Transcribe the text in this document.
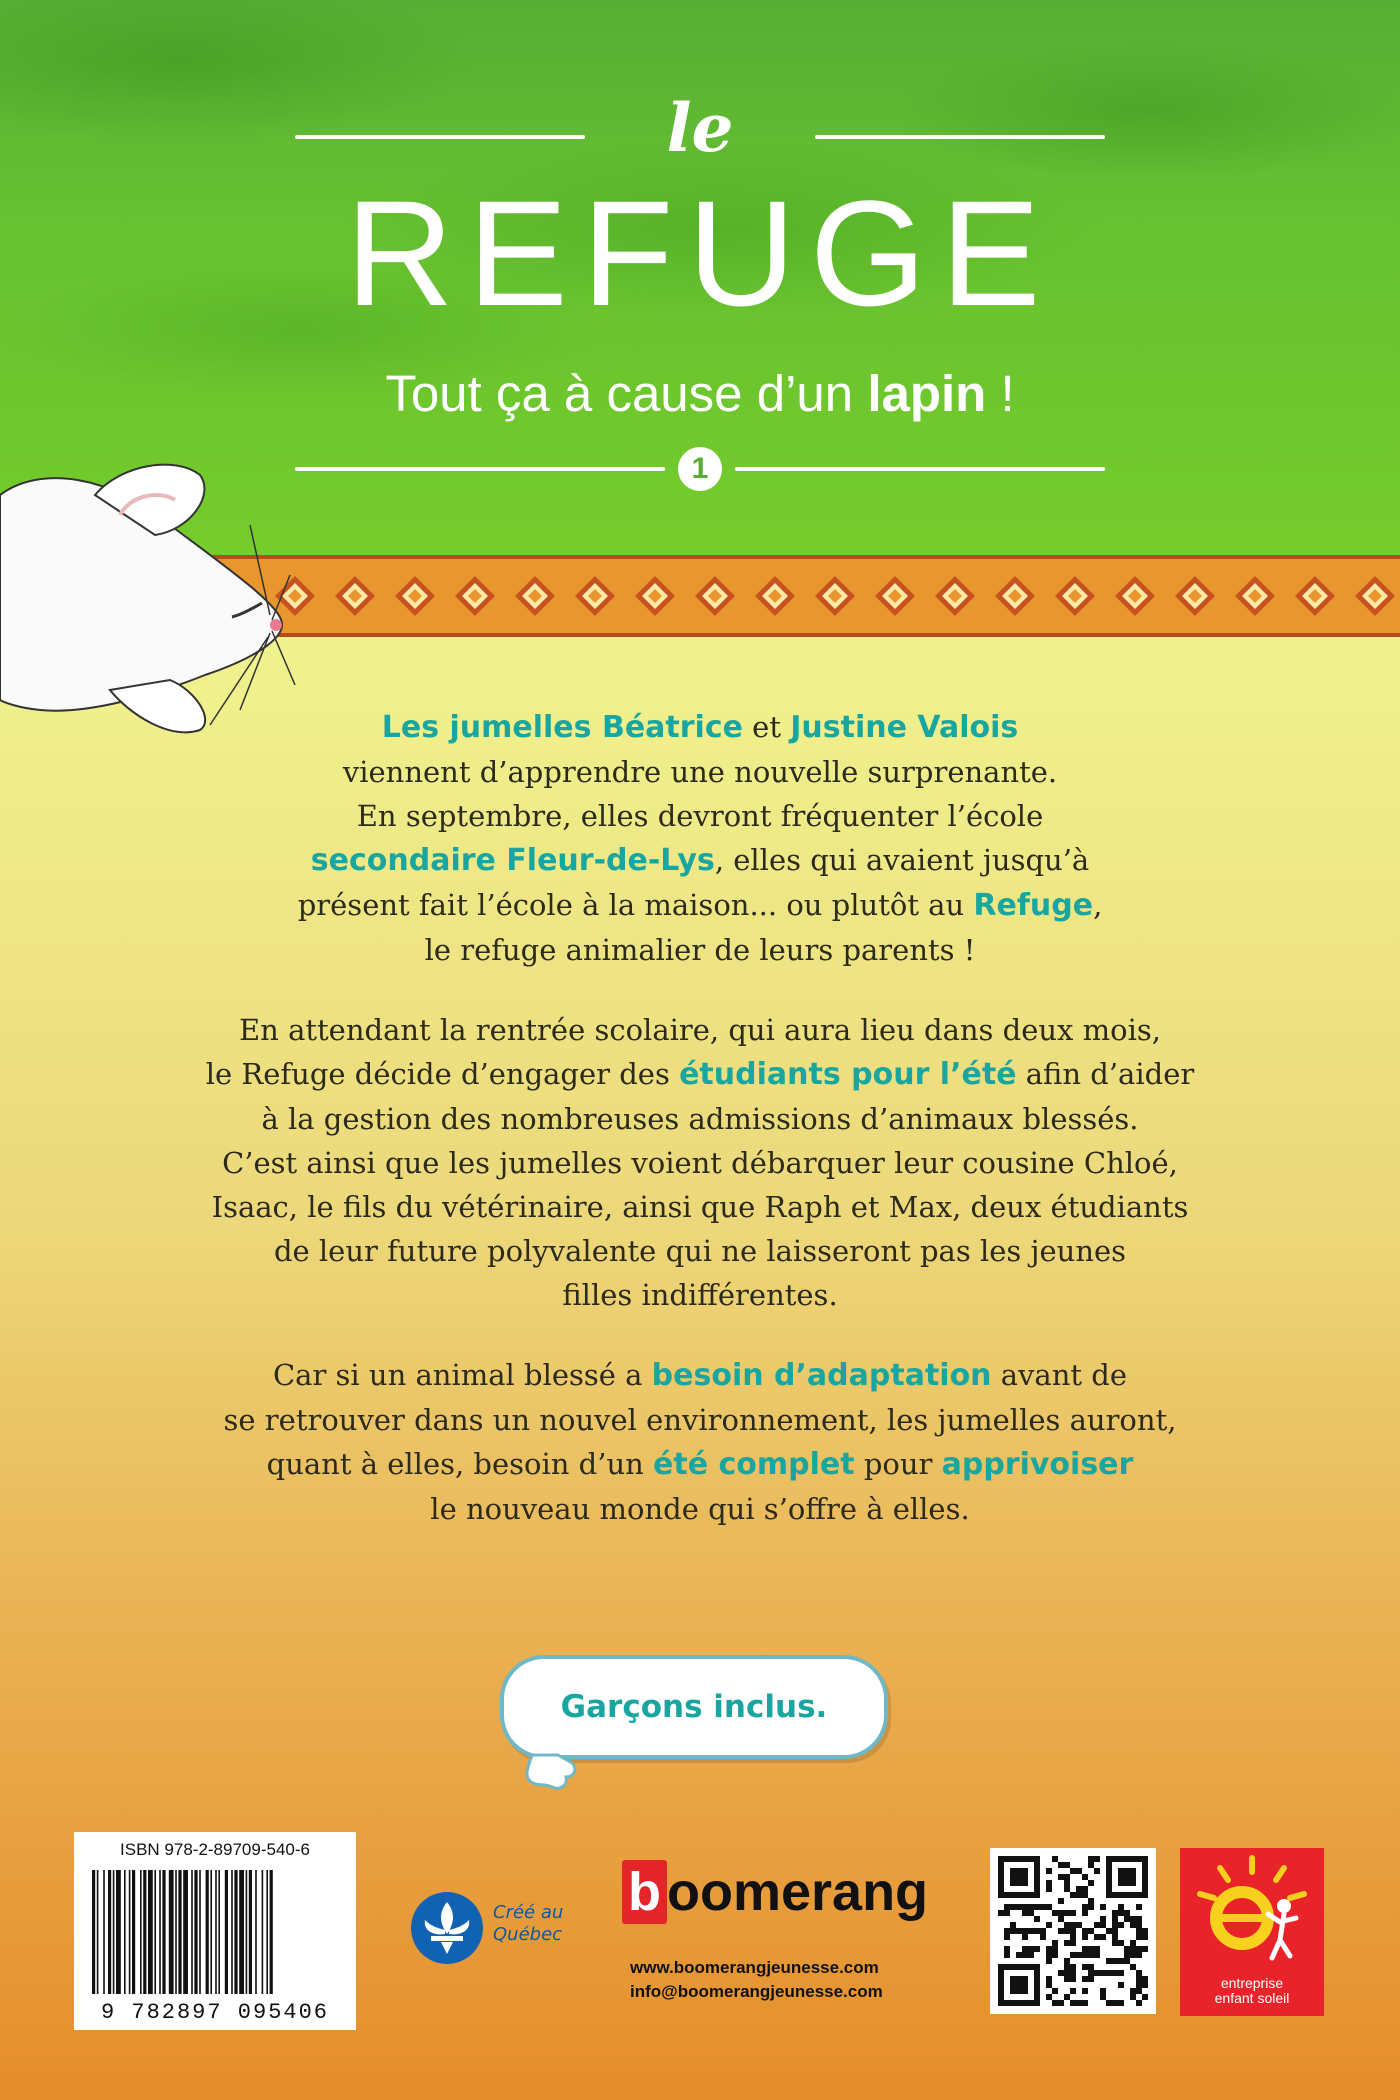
le
REFUGE
Tout ça à cause d’un lapin !
1

Les jumelles Béatrice et Justine Valois
viennent d’apprendre une nouvelle surprenante.
En septembre, elles devront fréquenter l’école
secondaire Fleur-de-Lys, elles qui avaient jusqu’à
présent fait l’école à la maison... ou plutôt au Refuge,
le refuge animalier de leurs parents !

En attendant la rentrée scolaire, qui aura lieu dans deux mois,
le Refuge décide d’engager des étudiants pour l’été afin d’aider
à la gestion des nombreuses admissions d’animaux blessés.
C’est ainsi que les jumelles voient débarquer leur cousine Chloé,
Isaac, le fils du vétérinaire, ainsi que Raph et Max, deux étudiants
de leur future polyvalente qui ne laisseront pas les jeunes
filles indifférentes.

Car si un animal blessé a besoin d’adaptation avant de
se retrouver dans un nouvel environnement, les jumelles auront,
quant à elles, besoin d’un été complet pour apprivoiser
le nouveau monde qui s’offre à elles.

Garçons inclus.
ISBN 978-2-89709-540-6
9 782897 095406
Créé au
Québec
b oomerang
www.boomerangjeunesse.com
info@boomerangjeunesse.com	entreprise
enfant soleil
